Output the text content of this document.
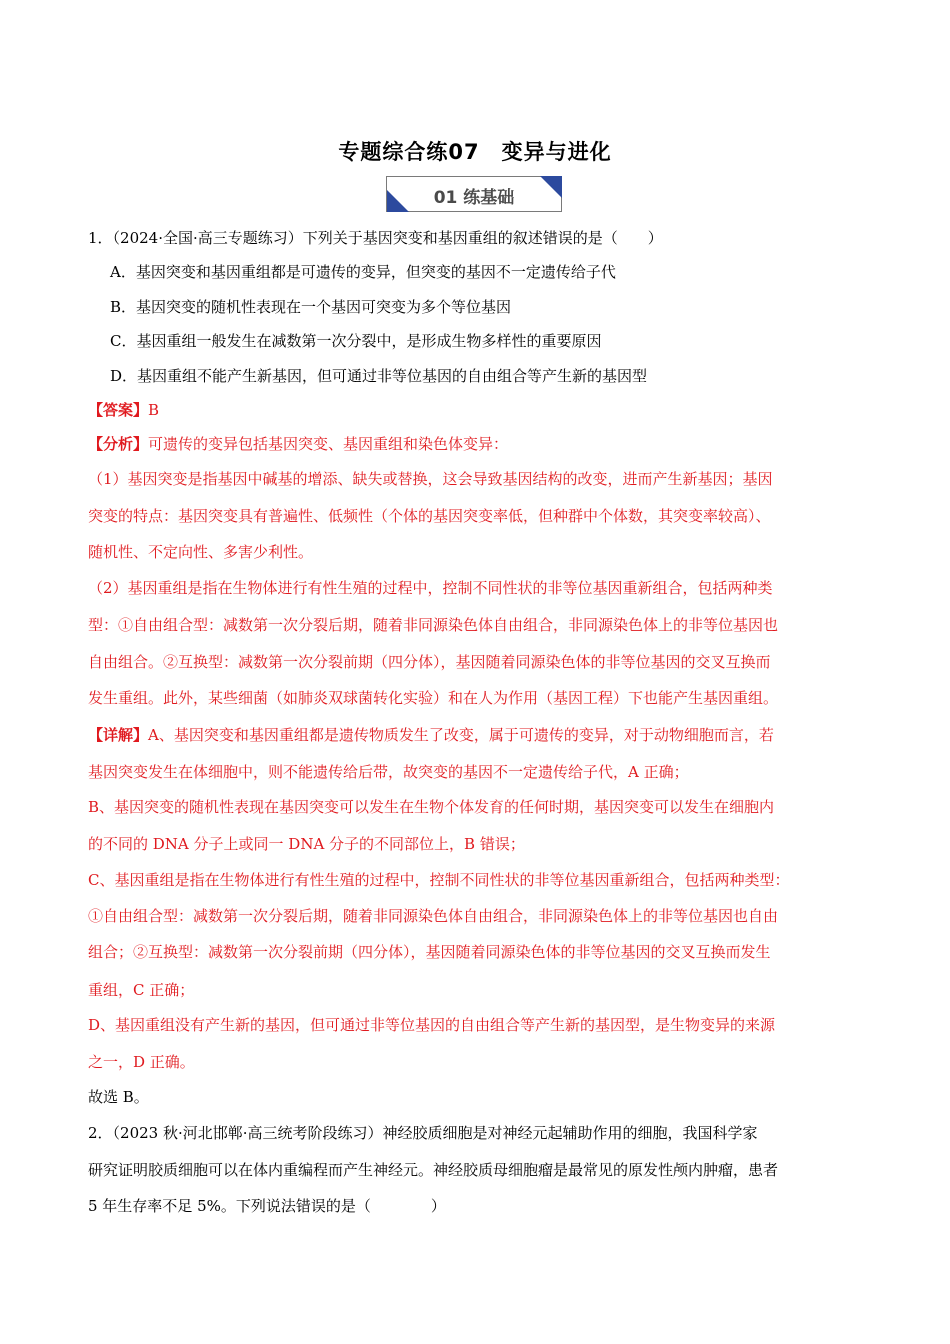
专题综合练07　变异与进化
01 练基础
1．（2024·全国·高三专题练习）下列关于基因突变和基因重组的叙述错误的是（　　）
A．基因突变和基因重组都是可遗传的变异，但突变的基因不一定遗传给子代
B．基因突变的随机性表现在一个基因可突变为多个等位基因
C．基因重组一般发生在减数第一次分裂中，是形成生物多样性的重要原因
D．基因重组不能产生新基因，但可通过非等位基因的自由组合等产生新的基因型
【答案】B
【分析】可遗传的变异包括基因突变、基因重组和染色体变异：
（1）基因突变是指基因中碱基的增添、缺失或替换，这会导致基因结构的改变，进而产生新基因；基因
突变的特点：基因突变具有普遍性、低频性（个体的基因突变率低，但种群中个体数，其突变率较高）、
随机性、不定向性、多害少利性。
（2）基因重组是指在生物体进行有性生殖的过程中，控制不同性状的非等位基因重新组合，包括两种类
型：①自由组合型：减数第一次分裂后期，随着非同源染色体自由组合，非同源染色体上的非等位基因也
自由组合。②互换型：减数第一次分裂前期（四分体），基因随着同源染色体的非等位基因的交叉互换而
发生重组。此外，某些细菌（如肺炎双球菌转化实验）和在人为作用（基因工程）下也能产生基因重组。
【详解】A、基因突变和基因重组都是遗传物质发生了改变，属于可遗传的变异，对于动物细胞而言，若
基因突变发生在体细胞中，则不能遗传给后带，故突变的基因不一定遗传给子代，A 正确；
B、基因突变的随机性表现在基因突变可以发生在生物个体发育的任何时期，基因突变可以发生在细胞内
的不同的 DNA 分子上或同一 DNA 分子的不同部位上，B 错误；
C、基因重组是指在生物体进行有性生殖的过程中，控制不同性状的非等位基因重新组合，包括两种类型：
①自由组合型：减数第一次分裂后期，随着非同源染色体自由组合，非同源染色体上的非等位基因也自由
组合；②互换型：减数第一次分裂前期（四分体），基因随着同源染色体的非等位基因的交叉互换而发生
重组，C 正确；
D、基因重组没有产生新的基因，但可通过非等位基因的自由组合等产生新的基因型，是生物变异的来源
之一，D 正确。
故选 B。
2．（2023 秋·河北邯郸·高三统考阶段练习）神经胶质细胞是对神经元起辅助作用的细胞，我国科学家
研究证明胶质细胞可以在体内重编程而产生神经元。神经胶质母细胞瘤是最常见的原发性颅内肿瘤，患者
5 年生存率不足 5%。下列说法错误的是（　　　　）
